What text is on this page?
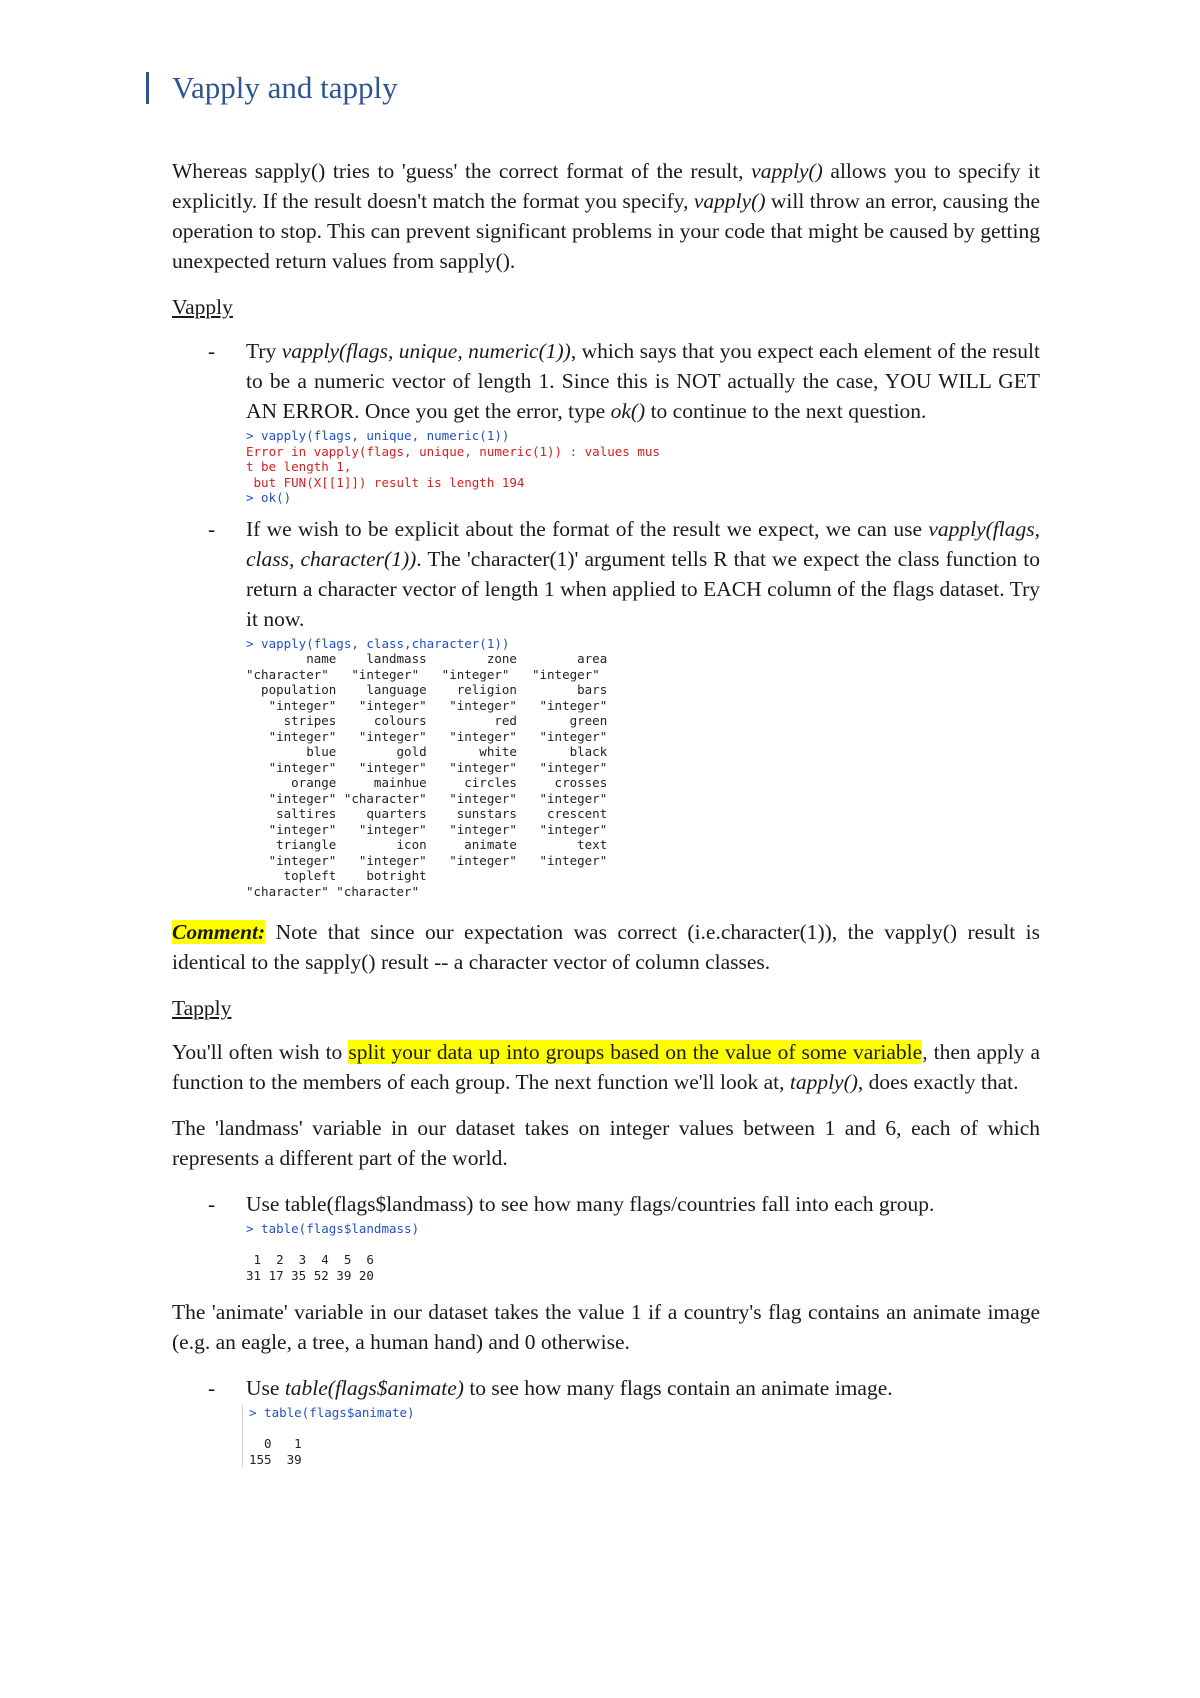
Vapply and tapply

Whereas sapply() tries to 'guess' the correct format of the result, vapply() allows you to specify it explicitly. If the result doesn't match the format you specify, vapply() will throw an error, causing the operation to stop. This can prevent significant problems in your code that might be caused by getting unexpected return values from sapply().

Vapply

- Try vapply(flags, unique, numeric(1)), which says that you expect each element of the result to be a numeric vector of length 1. Since this is NOT actually the case, YOU WILL GET AN ERROR. Once you get the error, type ok() to continue to the next question.
> vapply(flags, unique, numeric(1))
Error in vapply(flags, unique, numeric(1)) : values mus
t be length 1,
but FUN(X[[1]]) result is length 194
> ok()
- If we wish to be explicit about the format of the result we expect, we can use vapply(flags, class, character(1)). The 'character(1)' argument tells R that we expect the class function to return a character vector of length 1 when applied to EACH column of the flags dataset. Try it now.
> vapply(flags, class,character(1))
name    landmass        zone        area
"character"   "integer"   "integer"   "integer"
population    language    religion        bars
"integer"   "integer"   "integer"   "integer"
stripes     colours         red       green
"integer"   "integer"   "integer"   "integer"
blue        gold       white       black
"integer"   "integer"   "integer"   "integer"
orange     mainhue     circles     crosses
"integer" "character"   "integer"   "integer"
saltires    quarters    sunstars    crescent
"integer"   "integer"   "integer"   "integer"
triangle        icon     animate        text
"integer"   "integer"   "integer"   "integer"
topleft    botright
"character" "character"

Comment: Note that since our expectation was correct (i.e.character(1)), the vapply() result is identical to the sapply() result -- a character vector of column classes.

Tapply

You'll often wish to split your data up into groups based on the value of some variable, then apply a function to the members of each group. The next function we'll look at, tapply(), does exactly that.

The 'landmass' variable in our dataset takes on integer values between 1 and 6, each of which represents a different part of the world.

- Use table(flags$landmass) to see how many flags/countries fall into each group.
> table(flags$landmass)

1  2  3  4  5  6
31 17 35 52 39 20

The 'animate' variable in our dataset takes the value 1 if a country's flag contains an animate image (e.g. an eagle, a tree, a human hand) and 0 otherwise.

- Use table(flags$animate) to see how many flags contain an animate image.
> table(flags$animate)

0   1
155  39
